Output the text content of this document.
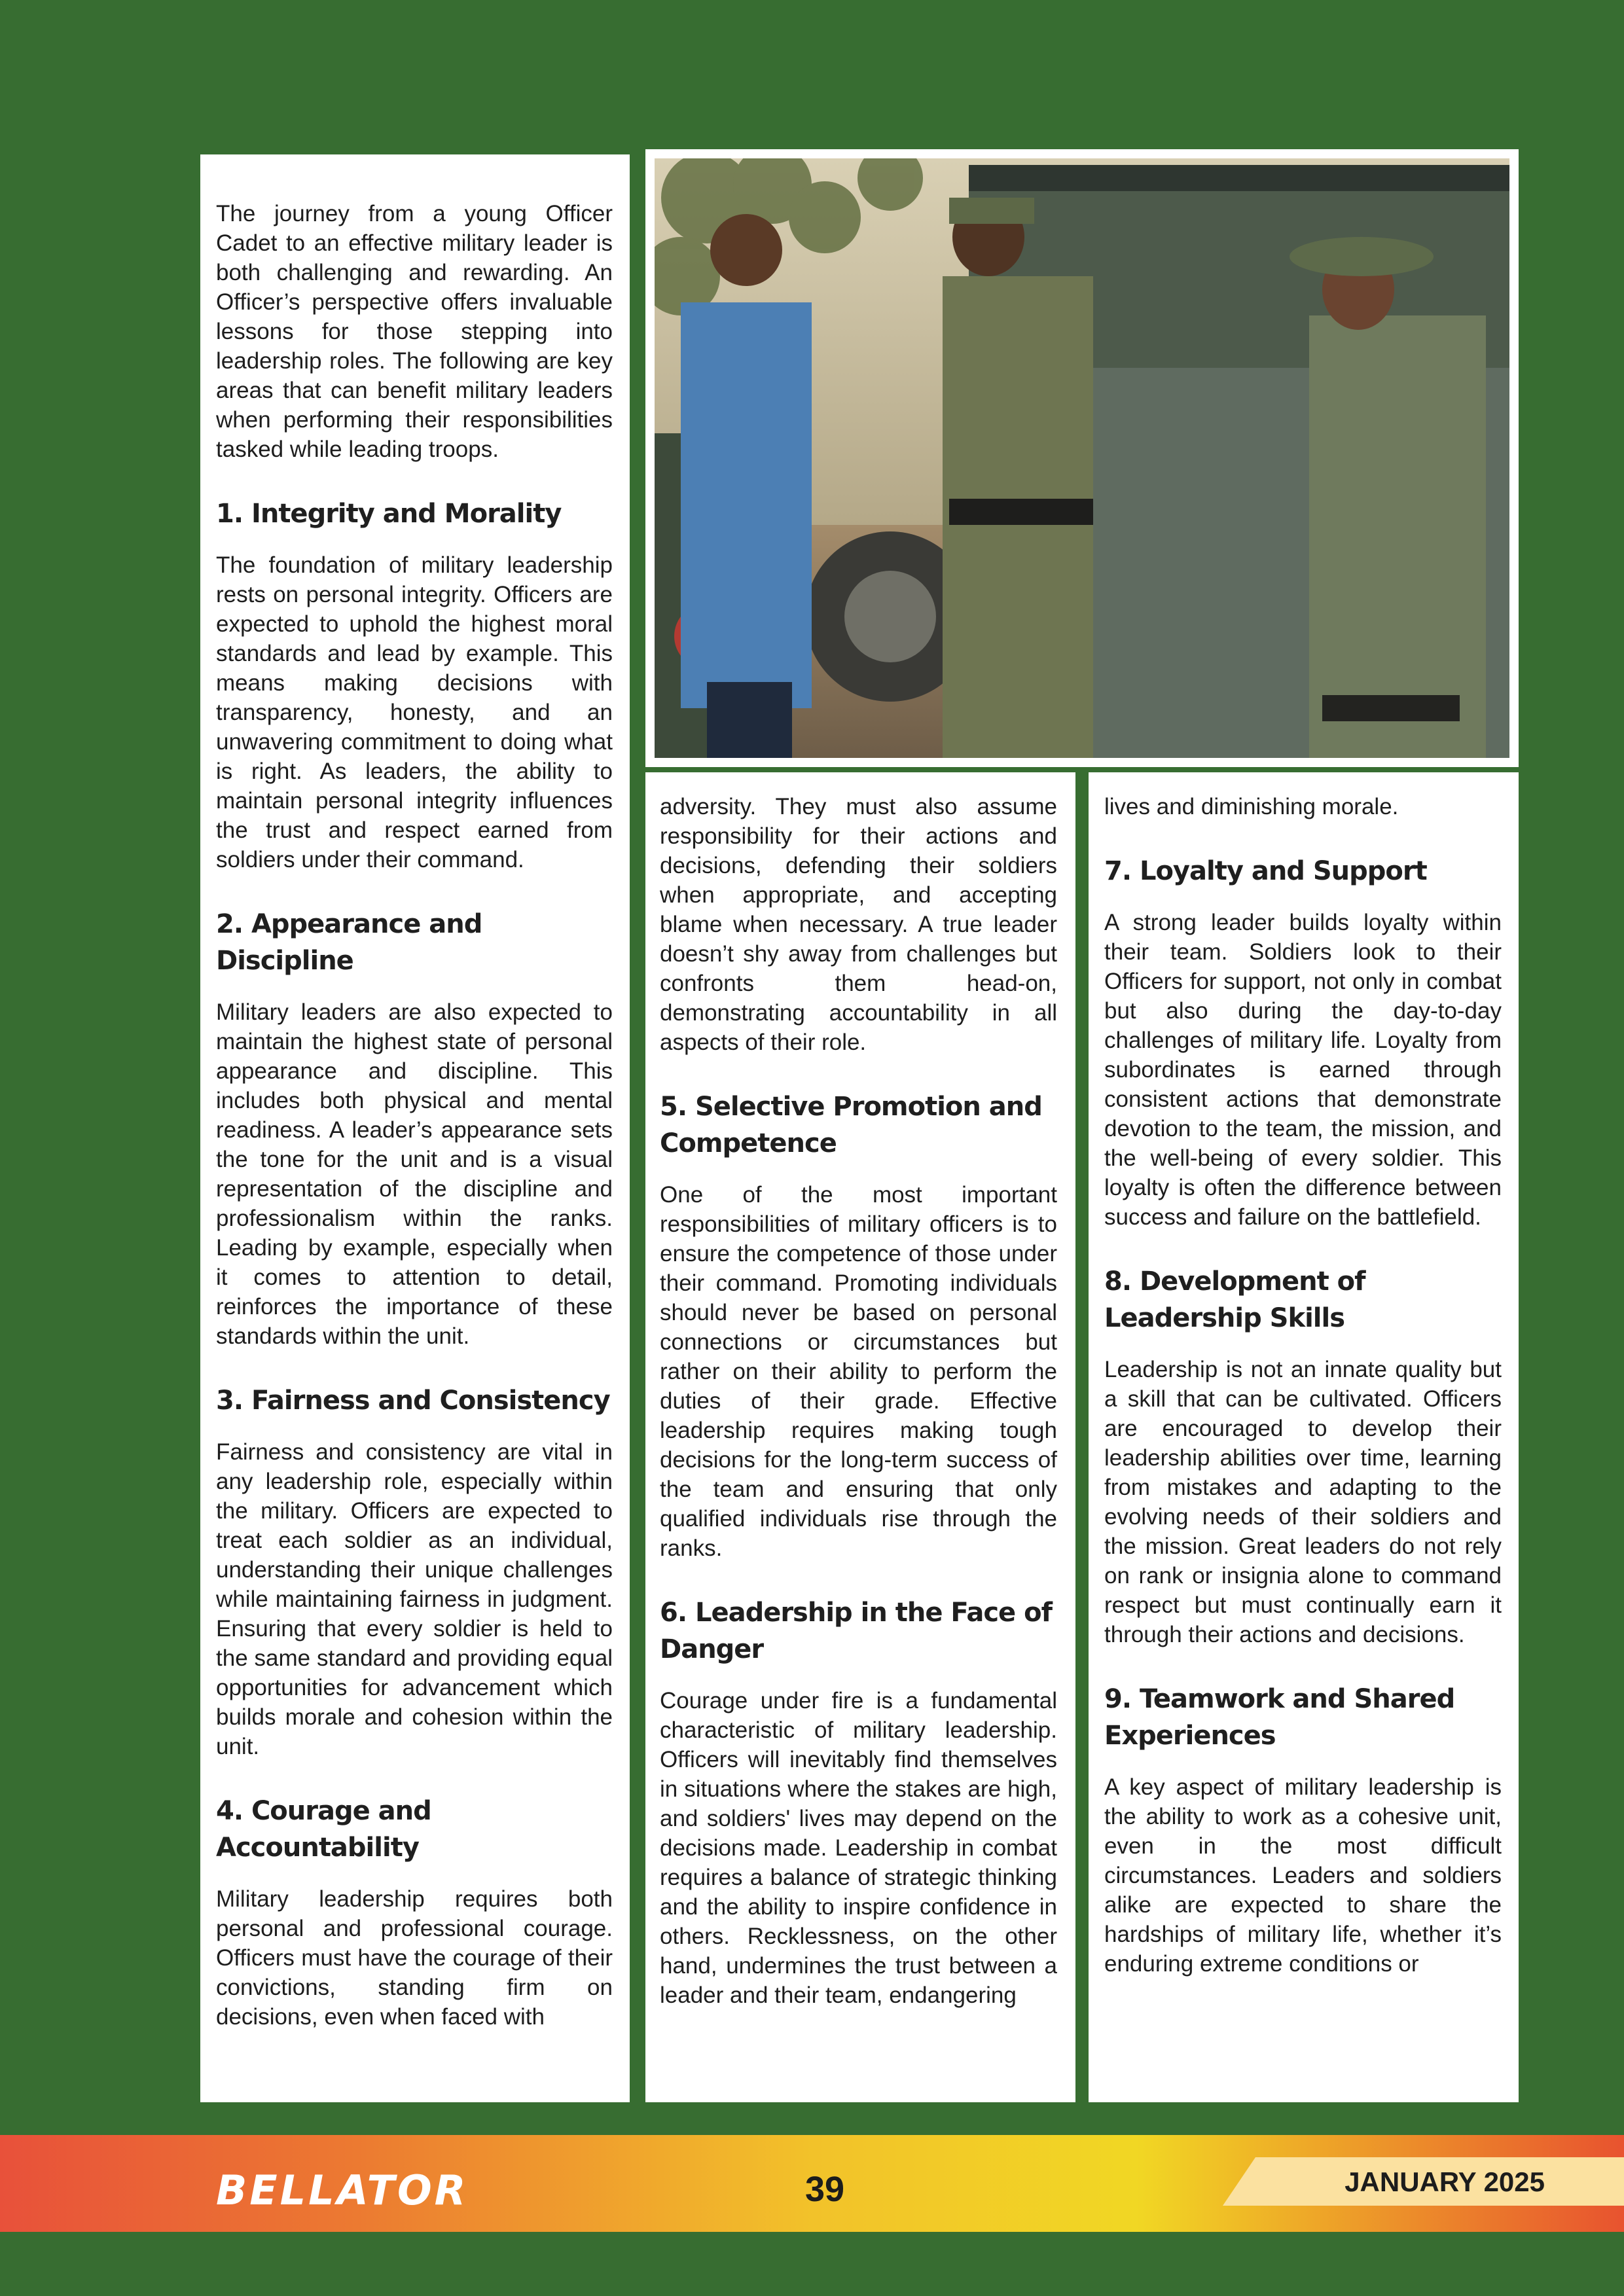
The journey from a young Officer Cadet to an effective military leader is both challenging and rewarding. An Officer’s perspective offers invaluable lessons for those stepping into leadership roles. The following are key areas that can benefit military leaders when performing their responsibilities tasked while leading troops.

1. Integrity and Morality

The foundation of military leadership rests on personal integrity. Officers are expected to uphold the highest moral standards and lead by example. This means making decisions with transparency, honesty, and an unwavering commitment to doing what is right. As leaders, the ability to maintain personal integrity influences the trust and respect earned from soldiers under their command.

2. Appearance and Discipline

Military leaders are also expected to maintain the highest state of personal appearance and discipline. This includes both physical and mental readiness. A leader’s appearance sets the tone for the unit and is a visual representation of the discipline and professionalism within the ranks. Leading by example, especially when it comes to attention to detail, reinforces the importance of these standards within the unit.

3. Fairness and Consistency

Fairness and consistency are vital in any leadership role, especially within the military. Officers are expected to treat each soldier as an individual, understanding their unique challenges while maintaining fairness in judgment. Ensuring that every soldier is held to the same standard and providing equal opportunities for advancement which builds morale and cohesion within the unit.

4. Courage and Accountability

Military leadership requires both personal and professional courage. Officers must have the courage of their convictions, standing firm on decisions, even when faced with

adversity. They must also assume responsibility for their actions and decisions, defending their soldiers when appropriate, and accepting blame when necessary. A true leader doesn’t shy away from challenges but confronts them head-on, demonstrating accountability in all aspects of their role.

5. Selective Promotion and Competence

One of the most important responsibilities of military officers is to ensure the competence of those under their command. Promoting individuals should never be based on personal connections or circumstances but rather on their ability to perform the duties of their grade. Effective leadership requires making tough decisions for the long-term success of the team and ensuring that only qualified individuals rise through the ranks.

6. Leadership in the Face of Danger

Courage under fire is a fundamental characteristic of military leadership. Officers will inevitably find themselves in situations where the stakes are high, and soldiers' lives may depend on the decisions made. Leadership in combat requires a balance of strategic thinking and the ability to inspire confidence in others. Recklessness, on the other hand, undermines the trust between a leader and their team, endangering

lives and diminishing morale.

7. Loyalty and Support

A strong leader builds loyalty within their team. Soldiers look to their Officers for support, not only in combat but also during the day-to-day challenges of military life. Loyalty from subordinates is earned through consistent actions that demonstrate devotion to the team, the mission, and the well-being of every soldier. This loyalty is often the difference between success and failure on the battlefield.

8. Development of Leadership Skills

Leadership is not an innate quality but a skill that can be cultivated. Officers are encouraged to develop their leadership abilities over time, learning from mistakes and adapting to the evolving needs of their soldiers and the mission. Great leaders do not rely on rank or insignia alone to command respect but must continually earn it through their actions and decisions.

9. Teamwork and Shared Experiences

A key aspect of military leadership is the ability to work as a cohesive unit, even in the most difficult circumstances. Leaders and soldiers alike are expected to share the hardships of military life, whether it’s enduring extreme conditions or

BELLATOR	39	JANUARY 2025
